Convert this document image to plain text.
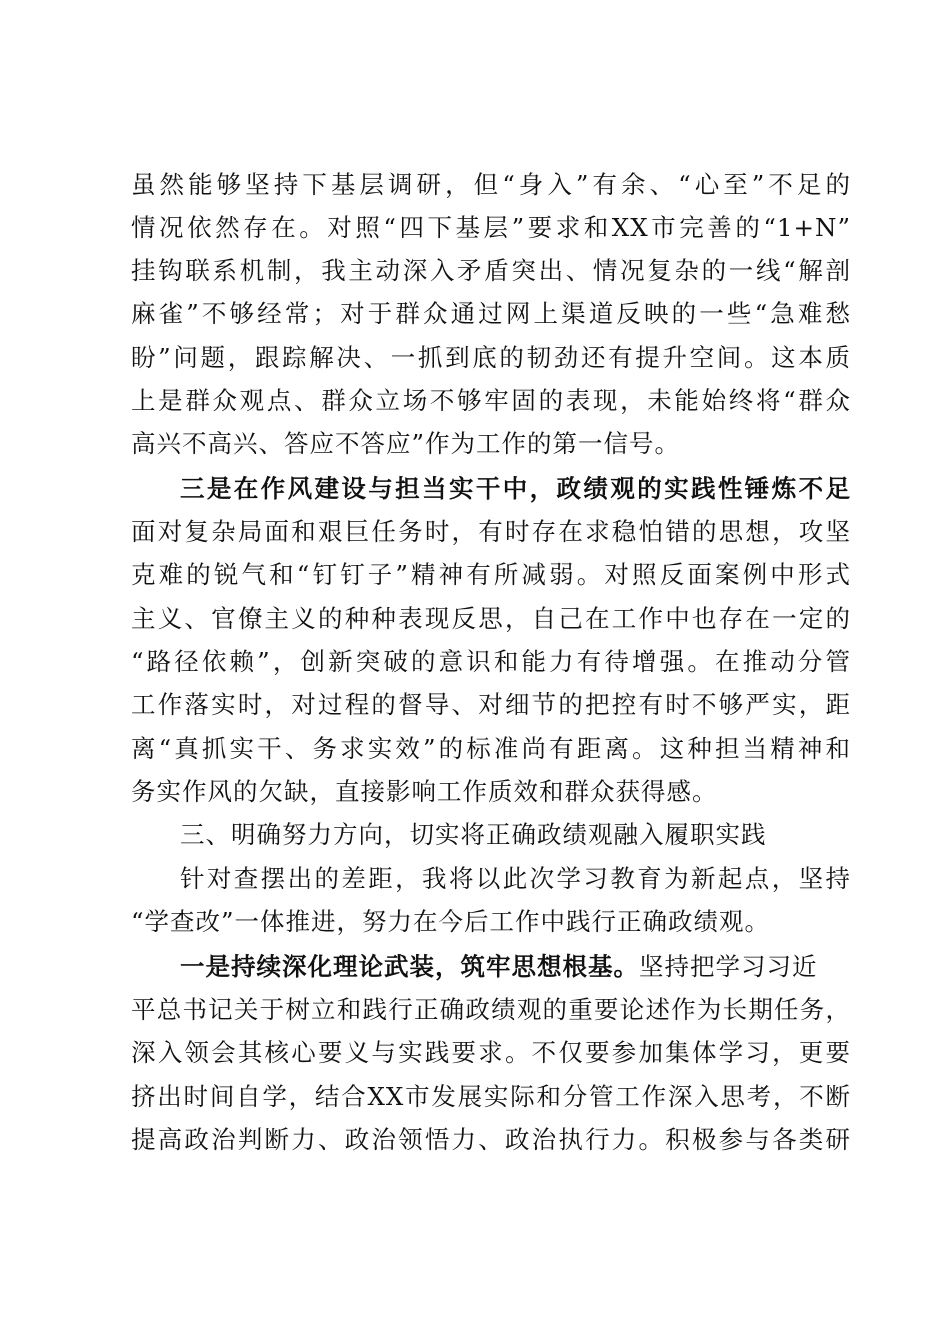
虽然能够坚持下基层调研，但“身入”有余、“心至”不足的
情况依然存在。对照“四下基层”要求和XX市完善的“1+N”
挂钩联系机制，我主动深入矛盾突出、情况复杂的一线“解剖
麻雀”不够经常；对于群众通过网上渠道反映的一些“急难愁
盼”问题，跟踪解决、一抓到底的韧劲还有提升空间。这本质
上是群众观点、群众立场不够牢固的表现，未能始终将“群众
高兴不高兴、答应不答应”作为工作的第一信号。
三是在作风建设与担当实干中，政绩观的实践性锤炼不足
面对复杂局面和艰巨任务时，有时存在求稳怕错的思想，攻坚
克难的锐气和“钉钉子”精神有所减弱。对照反面案例中形式
主义、官僚主义的种种表现反思，自己在工作中也存在一定的
“路径依赖”，创新突破的意识和能力有待增强。在推动分管
工作落实时，对过程的督导、对细节的把控有时不够严实，距
离“真抓实干、务求实效”的标准尚有距离。这种担当精神和
务实作风的欠缺，直接影响工作质效和群众获得感。
三、明确努力方向，切实将正确政绩观融入履职实践
针对查摆出的差距，我将以此次学习教育为新起点，坚持
“学查改”一体推进，努力在今后工作中践行正确政绩观。
一是持续深化理论武装，筑牢思想根基。坚持把学习习近
平总书记关于树立和践行正确政绩观的重要论述作为长期任务，
深入领会其核心要义与实践要求。不仅要参加集体学习，更要
挤出时间自学，结合XX市发展实际和分管工作深入思考，不断
提高政治判断力、政治领悟力、政治执行力。积极参与各类研
